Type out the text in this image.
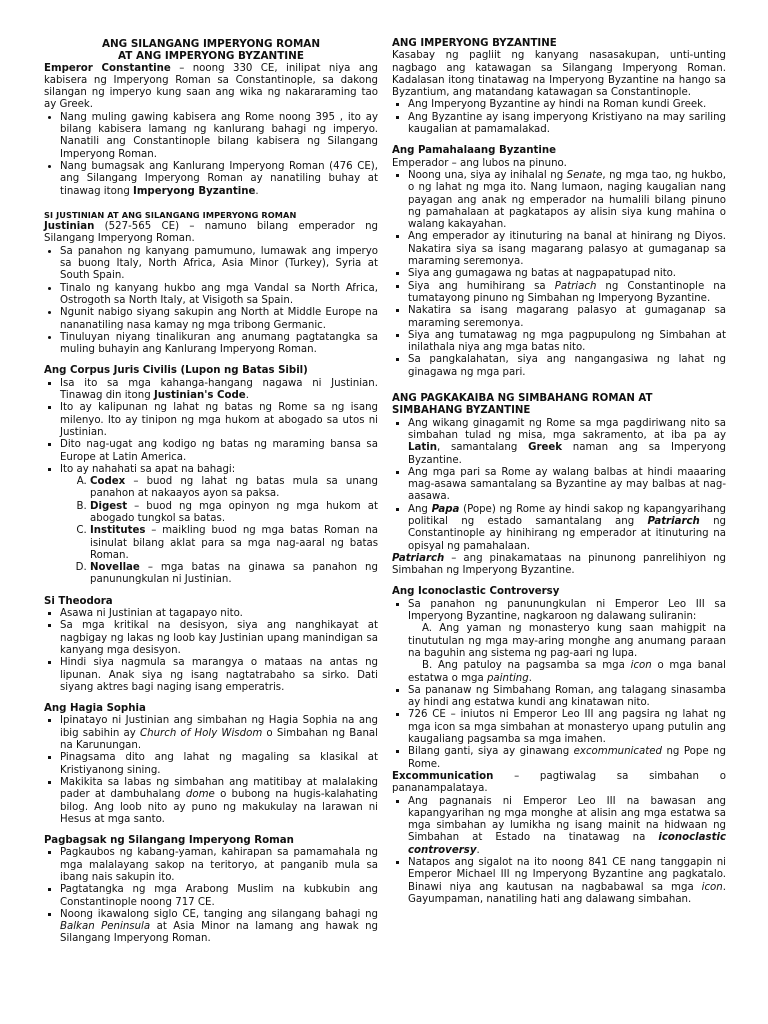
ANG SILANGANG IMPERYONG ROMAN
AT ANG IMPERYONG BYZANTINE

Emperor Constantine – noong 330 CE, inilipat niya ang kabisera ng Imperyong Roman sa Constantinople, sa dakong silangan ng imperyo kung saan ang wika ng nakararaming tao ay Greek.

• Nang muling gawing kabisera ang Rome noong 395 , ito ay bilang kabisera lamang ng kanlurang bahagi ng imperyo. Nanatili ang Constantinople bilang kabisera ng Silangang Imperyong Roman.
• Nang bumagsak ang Kanlurang Imperyong Roman (476 CE), ang Silangang Imperyong Roman ay nanatiling buhay at tinawag itong Imperyong Byzantine.
SI JUSTINIAN AT ANG SILANGANG IMPERYONG ROMAN

Justinian (527-565 CE) – namuno bilang emperador ng Silangang Imperyong Roman.

• Sa panahon ng kanyang pamumuno, lumawak ang imperyo sa buong Italy, North Africa, Asia Minor (Turkey), Syria at South Spain.
• Tinalo ng kanyang hukbo ang mga Vandal sa North Africa, Ostrogoth sa North Italy, at Visigoth sa Spain.
• Ngunit nabigo siyang sakupin ang North at Middle Europe na nananatiling nasa kamay ng mga tribong Germanic.
• Tinuluyan niyang tinalikuran ang anumang pagtatangka sa muling buhayin ang Kanlurang Imperyong Roman.
Ang Corpus Juris Civilis (Lupon ng Batas Sibil)
▪ Isa ito sa mga kahanga-hangang nagawa ni Justinian. Tinawag din itong Justinian's Code.
▪ Ito ay kalipunan ng lahat ng batas ng Rome sa ng isang milenyo. Ito ay tinipon ng mga hukom at abogado sa utos ni Justinian.
▪ Dito nag-ugat ang kodigo ng batas ng maraming bansa sa Europe at Latin America.
▪ Ito ay nahahati sa apat na bahagi:
A. Codex – buod ng lahat ng batas mula sa unang panahon at nakaayos ayon sa paksa.
B. Digest – buod ng mga opinyon ng mga hukom at abogado tungkol sa batas.
C. Institutes – maikling buod ng mga batas Roman na isinulat bilang aklat para sa mga nag-aaral ng batas Roman.
D. Novellae – mga batas na ginawa sa panahon ng panunungkulan ni Justinian.
Si Theodora
▪ Asawa ni Justinian at tagapayo nito.
▪ Sa mga kritikal na desisyon, siya ang nanghikayat at nagbigay ng lakas ng loob kay Justinian upang manindigan sa kanyang mga desisyon.
▪ Hindi siya nagmula sa marangya o mataas na antas ng lipunan. Anak siya ng isang nagtatrabaho sa sirko. Dati siyang aktres bagi naging isang emperatris.
Ang Hagia Sophia
▪ Ipinatayo ni Justinian ang simbahan ng Hagia Sophia na ang ibig sabihin ay Church of Holy Wisdom o Simbahan ng Banal na Karunungan.
▪ Pinagsama dito ang lahat ng magaling sa klasikal at Kristiyanong sining.
▪ Makikita sa labas ng simbahan ang matitibay at malalaking pader at dambuhalang dome o bubong na hugis-kalahating bilog. Ang loob nito ay puno ng makukulay na larawan ni Hesus at mga santo.
Pagbagsak ng Silangang Imperyong Roman
▪ Pagkaubos ng kabang-yaman, kahirapan sa pamamahala ng mga malalayang sakop na teritoryo, at panganib mula sa ibang nais sakupin ito.
▪ Pagtatangka ng mga Arabong Muslim na kubkubin ang Constantinople noong 717 CE.
▪ Noong ikawalong siglo CE, tanging ang silangang bahagi ng Balkan Peninsula at Asia Minor na lamang ang hawak ng Silangang Imperyong Roman.
ANG IMPERYONG BYZANTINE

Kasabay ng pagliit ng kanyang nasasakupan, unti-unting nagbago ang katawagan sa Silangang Imperyong Roman. Kadalasan itong tinatawag na Imperyong Byzantine na hango sa Byzantium, ang matandang katawagan sa Constantinople.

▪ Ang Imperyong Byzantine ay hindi na Roman kundi Greek.
▪ Ang Byzantine ay isang imperyong Kristiyano na may sariling kaugalian at pamamalakad.
Ang Pamahalaang Byzantine

Emperador – ang lubos na pinuno.

▪ Noong una, siya ay inihalal ng Senate, ng mga tao, ng hukbo, o ng lahat ng mga ito. Nang lumaon, naging kaugalian nang payagan ang anak ng emperador na humalili bilang pinuno ng pamahalaan at pagkatapos ay alisin siya kung mahina o walang kakayahan.
▪ Ang emperador ay itinuturing na banal at hinirang ng Diyos. Nakatira siya sa isang magarang palasyo at gumaganap sa maraming seremonya.
▪ Siya ang gumagawa ng batas at nagpapatupad nito.
▪ Siya ang humihirang sa Patriach ng Constantinople na tumatayong pinuno ng Simbahan ng Imperyong Byzantine.
▪ Nakatira sa isang magarang palasyo at gumaganap sa maraming seremonya.
▪ Siya ang tumatawag ng mga pagpupulong ng Simbahan at inilathala niya ang mga batas nito.
▪ Sa pangkalahatan, siya ang nangangasiwa ng lahat ng ginagawa ng mga pari.
ANG PAGKAKAIBA NG SIMBAHANG ROMAN AT SIMBAHANG BYZANTINE
▪ Ang wikang ginagamit ng Rome sa mga pagdiriwang nito sa simbahan tulad ng misa, mga sakramento, at iba pa ay Latin, samantalang Greek naman ang sa Imperyong Byzantine.
▪ Ang mga pari sa Rome ay walang balbas at hindi maaaring mag-asawa samantalang sa Byzantine ay may balbas at nag-aasawa.
▪ Ang Papa (Pope) ng Rome ay hindi sakop ng kapangyarihang politikal ng estado samantalang ang Patriarch ng Constantinople ay hinihirang ng emperador at itinuturing na opisyal ng pamahalaan.

Patriarch – ang pinakamataas na pinunong panrelihiyon ng Simbahan ng Imperyong Byzantine.

Ang Iconoclastic Controversy
▪ Sa panahon ng panunungkulan ni Emperor Leo III sa Imperyong Byzantine, nagkaroon ng dalawang suliranin:
A. Ang yaman ng monasteryo kung saan mahigpit na tinututulan ng mga may-aring monghe ang anumang paraan na baguhin ang sistema ng pag-aari ng lupa.
B. Ang patuloy na pagsamba sa mga icon o mga banal estatwa o mga painting.
▪ Sa pananaw ng Simbahang Roman, ang talagang sinasamba ay hindi ang estatwa kundi ang kinatawan nito.
▪ 726 CE – iniutos ni Emperor Leo III ang pagsira ng lahat ng mga icon sa mga simbahan at monasteryo upang putulin ang kaugaliang pagsamba sa mga imahen.
▪ Bilang ganti, siya ay ginawang excommunicated ng Pope ng Rome.

Excommunication – pagtiwalag sa simbahan o pananampalataya.

▪ Ang pagnanais ni Emperor Leo III na bawasan ang kapangyarihan ng mga monghe at alisin ang mga estatwa sa mga simbahan ay lumikha ng isang mainit na hidwaan ng Simbahan at Estado na tinatawag na iconoclastic controversy.
▪ Natapos ang sigalot na ito noong 841 CE nang tanggapin ni Emperor Michael III ng Imperyong Byzantine ang pagkatalo. Binawi niya ang kautusan na nagbabawal sa mga icon. Gayumpaman, nanatiling hati ang dalawang simbahan.
